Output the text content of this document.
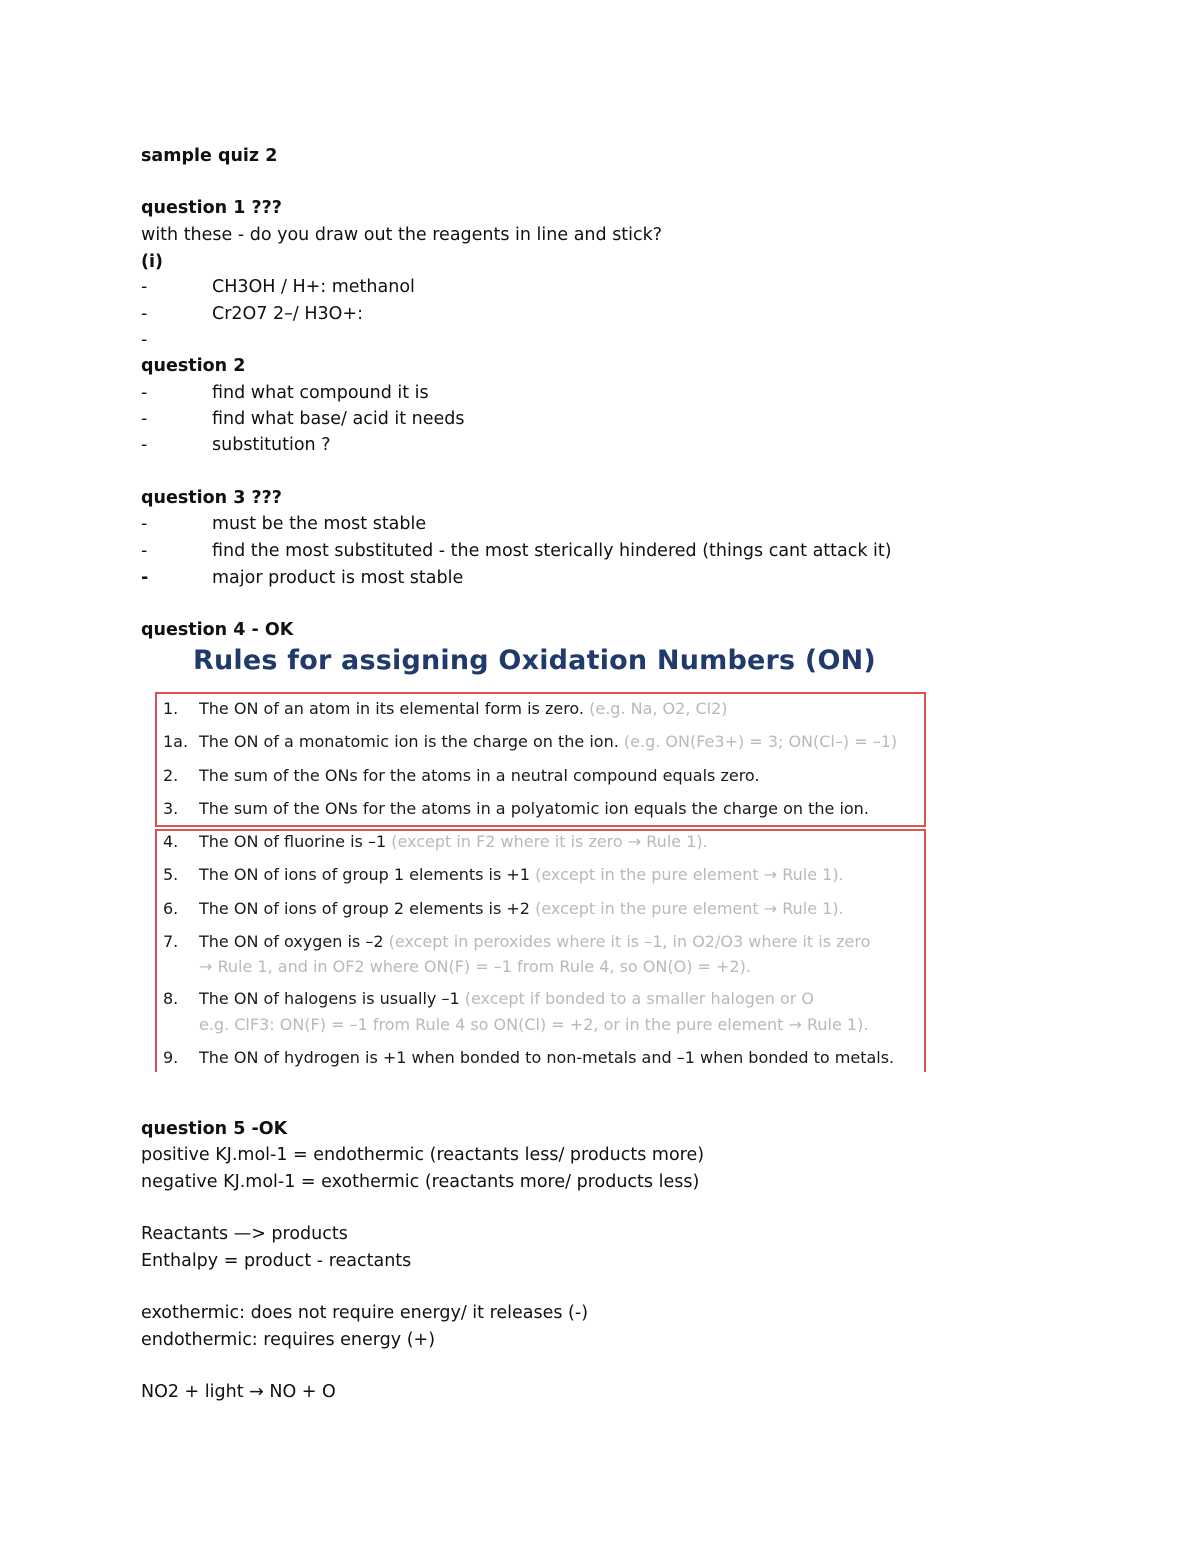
sample quiz 2
question 1 ???
with these - do you draw out the reagents in line and stick?
(i)
-	CH3OH / H+: methanol
-	Cr2O7 2–/ H3O+:
-
question 2
-	find what compound it is
-	find what base/ acid it needs
-	substitution ?
question 3 ???
-	must be the most stable
-	find the most substituted - the most sterically hindered (things cant attack it)
-	major product is most stable
question 4 - OK
Rules for assigning Oxidation Numbers (ON)
1. The ON of an atom in its elemental form is zero. (e.g. Na, O2, Cl2)
1a. The ON of a monatomic ion is the charge on the ion. (e.g. ON(Fe3+) = 3; ON(Cl–) = –1)
2. The sum of the ONs for the atoms in a neutral compound equals zero.
3. The sum of the ONs for the atoms in a polyatomic ion equals the charge on the ion.
4. The ON of fluorine is –1 (except in F2 where it is zero → Rule 1).
5. The ON of ions of group 1 elements is +1 (except in the pure element → Rule 1).
6. The ON of ions of group 2 elements is +2 (except in the pure element → Rule 1).
7. The ON of oxygen is –2 (except in peroxides where it is –1, in O2/O3 where it is zero
→ Rule 1, and in OF2 where ON(F) = –1 from Rule 4, so ON(O) = +2).
8. The ON of halogens is usually –1 (except if bonded to a smaller halogen or O
e.g. ClF3: ON(F) = –1 from Rule 4 so ON(Cl) = +2, or in the pure element → Rule 1).
9. The ON of hydrogen is +1 when bonded to non-metals and –1 when bonded to metals.
question 5 -OK
positive KJ.mol-1 = endothermic (reactants less/ products more)
negative KJ.mol-1 = exothermic (reactants more/ products less)
Reactants —> products
Enthalpy = product - reactants
exothermic: does not require energy/ it releases (-)
endothermic: requires energy (+)
NO2 + light → NO + O
